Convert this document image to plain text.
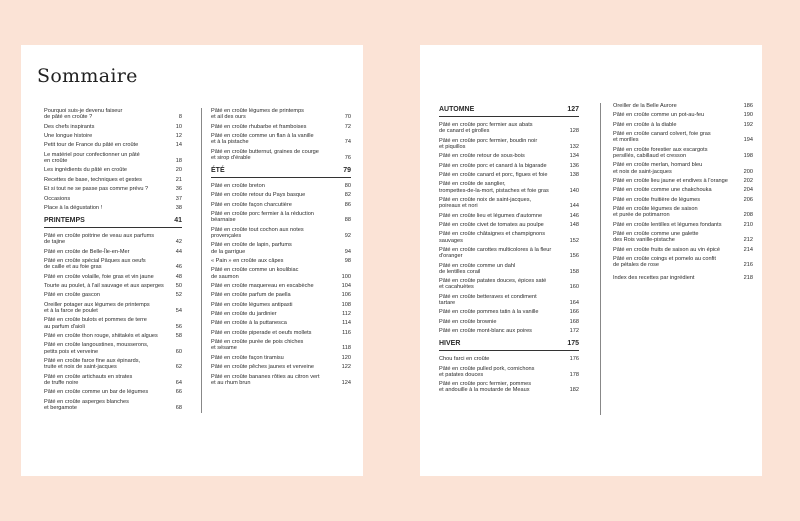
Sommaire
Pourquoi suis-je devenu faiseur
de pâté en croûte ?	8
Des chefs inspirants	10
Une longue histoire	12
Petit tour de France du pâté en croûte	14
Le matériel pour confectionner un pâté
en croûte	18
Les ingrédients du pâté en croûte	20
Recettes de base, techniques et gestes	21
Et si tout ne se passe pas comme prévu ?	36
Occasions	37
Place à la dégustation !	38
PRINTEMPS	41
Pâté en croûte poitrine de veau aux parfums
de tajine	42
Pâté en croûte de Belle-Île-en-Mer	44
Pâté en croûte spécial Pâques aux oeufs
de caille et au foie gras	46
Pâté en croûte volaille, foie gras et vin jaune	48
Tourte au poulet, à l'ail sauvage et aux asperges 50
Pâté en croûte gascon	52
Oreiller potager aux légumes de printemps
et à la farce de poulet	54
Pâté en croûte bulots et pommes de terre
au parfum d'aioli	56
Pâté en croûte thon rouge, shiitakés et algues	58
Pâté en croûte langoustines, mousserons,
petits pois et verveine	60
Pâté en croûte farce fine aux épinards,
truite et noix de saint-jacques	62
Pâté en croûte artichauts en strates
de truffe noire	64
Pâté en croûte comme un bar de légumes	66
Pâté en croûte asperges blanches
et bergamote	68
Pâté en croûte légumes de printemps
et ail des ours	70
Pâté en croûte rhubarbe et framboises	72
Pâté en croûte comme un flan à la vanille
et à la pistache	74
Pâté en croûte butternut, graines de courge
et sirop d'érable	76
ÉTÉ	79
Pâté en croûte breton	80
Pâté en croûte retour du Pays basque	82
Pâté en croûte façon charcutière	86
Pâté en croûte porc fermier à la réduction
béarnaise	88
Pâté en croûte tout cochon aux notes
provençales	92
Pâté en croûte de lapin, parfums
de la garrigue	94
« Pain » en croûte aux câpes	98
Pâté en croûte comme un koulibiac
de saumon	100
Pâté en croûte maquereau en escabèche	104
Pâté en croûte parfum de paella	106
Pâté en croûte légumes antipasti	108
Pâté en croûte du jardinier	112
Pâté en croûte à la puttanesca	114
Pâté en croûte piperade et oeufs mollets	116
Pâté en croûte purée de pois chiches
et sésame	118
Pâté en croûte façon tiramisu	120
Pâté en croûte pêches jaunes et verveine	122
Pâté en croûte bananes rôties au citron vert
et au rhum brun	124
AUTOMNE	127
Pâté en croûte porc fermier aux abats
de canard et girolles	128
Pâté en croûte porc fermier, boudin noir
et piquillos	132
Pâté en croûte retour de sous-bois	134
Pâté en croûte porc et canard à la bigarade	136
Pâté en croûte canard et porc, figues et foie	138
Pâté en croûte de sanglier,
trompettes-de-la-mort, pistaches et foie gras	140
Pâté en croûte noix de saint-jacques,
poireaux et nori	144
Pâté en croûte lieu et légumes d'automne	146
Pâté en croûte civet de tomates au poulpe	148
Pâté en croûte châtaignes et champignons
sauvages	152
Pâté en croûte carottes multicolores à la fleur
d'oranger	156
Pâté en croûte comme un dahl
de lentilles corail	158
Pâté en croûte patates douces, épices saté
et cacahuètes	160
Pâté en croûte betteraves et condiment
tartare	164
Pâté en croûte pommes tatin à la vanille	166
Pâté en croûte brownie	168
Pâté en croûte mont-blanc aux poires	172
HIVER	175
Chou farci en croûte	176
Pâté en croûte pulled pork, cornichons
et patates douces	178
Pâté en croûte porc fermier, pommes
et andouille à la moutarde de Meaux	182
Oreiller de la Belle Aurore	186
Pâté en croûte comme un pot-au-feu	190
Pâté en croûte à la diable	192
Pâté en croûte canard colvert, foie gras
et morilles	194
Pâté en croûte forestier aux escargots
persillés, cabillaud et cresson	198
Pâté en croûte merlan, homard bleu
et noix de saint-jacques	200
Pâté en croûte lieu jaune et endives à l'orange	202
Pâté en croûte comme une chakchouka	204
Pâté en croûte fruitière de légumes	206
Pâté en croûte légumes de saison
et purée de potimarron	208
Pâté en croûte lentilles et légumes fondants	210
Pâté en croûte comme une galette
des Rois vanille-pistache	212
Pâté en croûte fruits de saison au vin épicé	214
Pâté en croûte coings et pomelo au confit
de pétales de rose	216
Index des recettes par ingrédient	218
